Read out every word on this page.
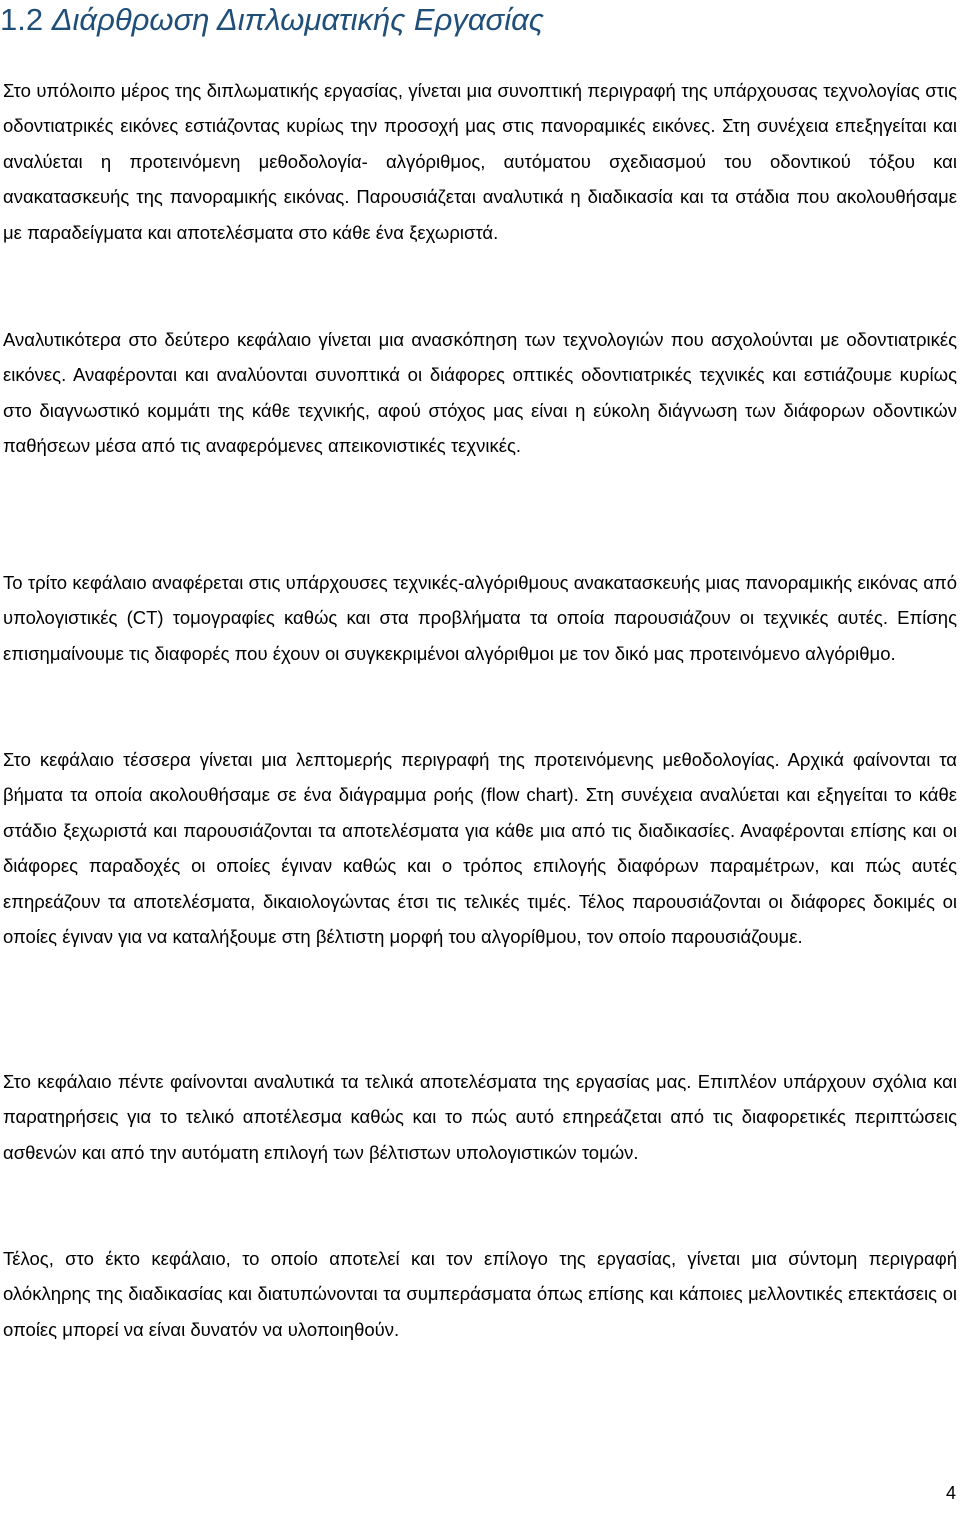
1.2 Διάρθρωση Διπλωματικής Εργασίας

Στο υπόλοιπο μέρος της διπλωματικής εργασίας, γίνεται μια συνοπτική περιγραφή της υπάρχουσας τεχνολογίας στις οδοντιατρικές εικόνες εστιάζοντας κυρίως την προσοχή μας στις πανοραμικές εικόνες. Στη συνέχεια επεξηγείται και αναλύεται η προτεινόμενη μεθοδολογία- αλγόριθμος, αυτόματου σχεδιασμού του οδοντικού τόξου και ανακατασκευής της πανοραμικής εικόνας. Παρουσιάζεται αναλυτικά η διαδικασία και τα στάδια που ακολουθήσαμε με παραδείγματα και αποτελέσματα στο κάθε ένα ξεχωριστά.

Αναλυτικότερα στο δεύτερο κεφάλαιο γίνεται μια ανασκόπηση των τεχνολογιών που ασχολούνται με οδοντιατρικές εικόνες. Αναφέρονται και αναλύονται συνοπτικά οι διάφορες οπτικές οδοντιατρικές τεχνικές και εστιάζουμε κυρίως στο διαγνωστικό κομμάτι της κάθε τεχνικής, αφού στόχος μας είναι η εύκολη διάγνωση των διάφορων οδοντικών παθήσεων μέσα από τις αναφερόμενες απεικονιστικές τεχνικές.

Το τρίτο κεφάλαιο αναφέρεται στις υπάρχουσες τεχνικές-αλγόριθμους ανακατασκευής μιας πανοραμικής εικόνας από υπολογιστικές (CT) τομογραφίες καθώς και στα προβλήματα τα οποία παρουσιάζουν οι τεχνικές αυτές. Επίσης επισημαίνουμε τις διαφορές που έχουν οι συγκεκριμένοι αλγόριθμοι με τον δικό μας προτεινόμενο αλγόριθμο.

Στο κεφάλαιο τέσσερα γίνεται μια λεπτομερής περιγραφή της προτεινόμενης μεθοδολογίας. Αρχικά φαίνονται τα βήματα τα οποία ακολουθήσαμε σε ένα διάγραμμα ροής (flow chart). Στη συνέχεια αναλύεται και εξηγείται το κάθε στάδιο ξεχωριστά και παρουσιάζονται τα αποτελέσματα για κάθε μια από τις διαδικασίες. Αναφέρονται επίσης και οι διάφορες παραδοχές οι οποίες έγιναν καθώς και ο τρόπος επιλογής διαφόρων παραμέτρων, και πώς αυτές επηρεάζουν τα αποτελέσματα, δικαιολογώντας έτσι τις τελικές τιμές. Τέλος παρουσιάζονται οι διάφορες δοκιμές οι οποίες έγιναν για να καταλήξουμε στη βέλτιστη μορφή του αλγορίθμου, τον οποίο παρουσιάζουμε.

Στο κεφάλαιο πέντε φαίνονται αναλυτικά τα τελικά αποτελέσματα της εργασίας μας. Επιπλέον υπάρχουν σχόλια και παρατηρήσεις για το τελικό αποτέλεσμα καθώς και το πώς αυτό επηρεάζεται από τις διαφορετικές περιπτώσεις ασθενών και από την αυτόματη επιλογή των βέλτιστων υπολογιστικών τομών.

Τέλος, στο έκτο κεφάλαιο, το οποίο αποτελεί και τον επίλογο της εργασίας, γίνεται μια σύντομη περιγραφή ολόκληρης της διαδικασίας και διατυπώνονται τα συμπεράσματα όπως επίσης και κάποιες μελλοντικές επεκτάσεις οι οποίες μπορεί να είναι δυνατόν να υλοποιηθούν.

4
